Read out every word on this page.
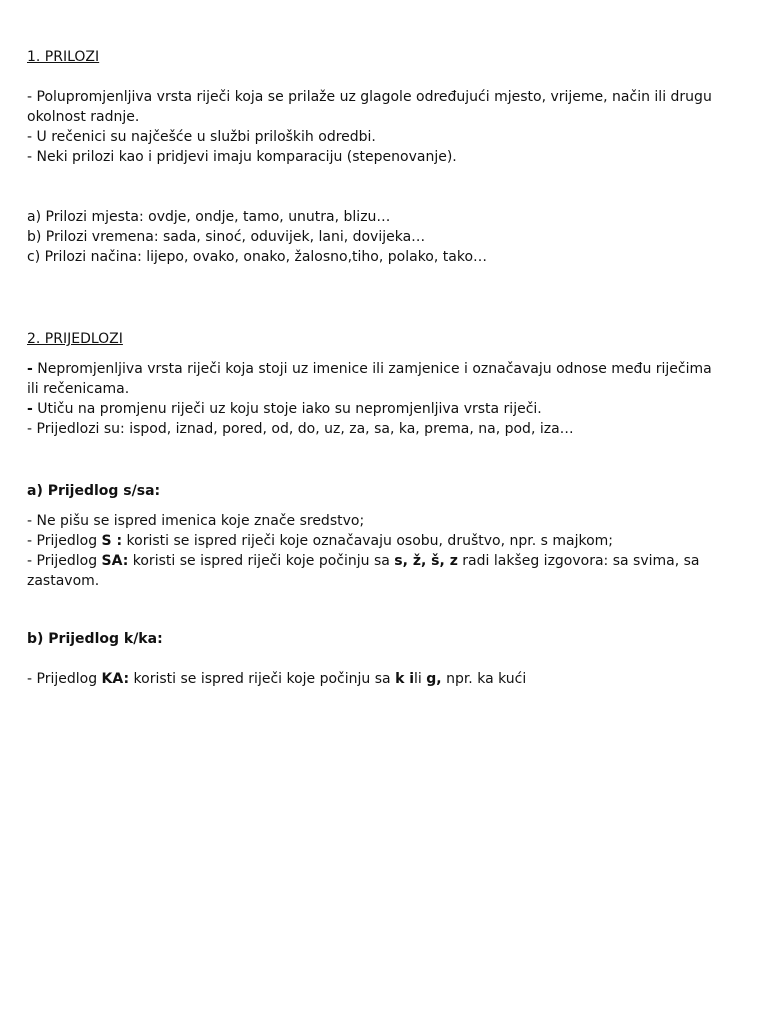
1. PRILOZI

- Polupromjenljiva vrsta riječi koja se prilaže uz glagole određujući mjesto, vrijeme, način ili drugu okolnost radnje.

- U rečenici su najčešće u službi priloških odredbi.

- Neki prilozi kao i pridjevi imaju komparaciju (stepenovanje).

a) Prilozi mjesta: ovdje, ondje, tamo, unutra, blizu…

b) Prilozi vremena: sada, sinoć, oduvijek, lani, dovijeka…

c) Prilozi načina: lijepo, ovako, onako, žalosno,tiho, polako, tako…

2. PRIJEDLOZI

- Nepromjenljiva vrsta riječi koja stoji uz imenice ili zamjenice i označavaju odnose među riječima ili rečenicama.

- Utiču na promjenu riječi uz koju stoje iako su nepromjenljiva vrsta riječi.

- Prijedlozi su: ispod, iznad, pored, od, do, uz, za, sa, ka, prema, na, pod, iza…

a) Prijedlog s/sa:

- Ne pišu se ispred imenica koje znače sredstvo;

- Prijedlog S : koristi se ispred riječi koje označavaju osobu, društvo, npr. s majkom;

- Prijedlog SA: koristi se ispred riječi koje počinju sa s, ž, š, z radi lakšeg izgovora: sa svima, sa zastavom.

b) Prijedlog k/ka:

- Prijedlog KA: koristi se ispred riječi koje počinju sa k ili g, npr. ka kući
